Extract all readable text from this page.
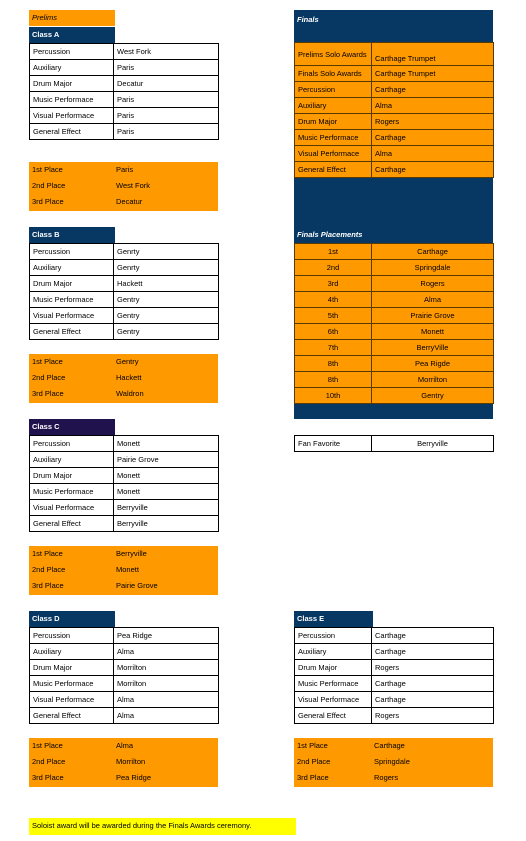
Prelims
Class A
Percussion	West Fork
Auxiliary	Paris
Drum Major	Decatur
Music Performace	Paris
Visual Performace	Paris
General Effect	Paris
1st Place	Paris
2nd Place	West Fork
3rd Place	Decatur
Class B
Percussion	Genrty
Auxiliary	Genrty
Drum Major	Hackett
Music Performace	Gentry
Visual Performace	Gentry
General Effect	Gentry
1st Place	Gentry
2nd Place	Hackett
3rd Place	Waldron
Class C
Percussion	Monett
Auxiliary	Pairie Grove
Drum Major	Monett
Music Performace	Monett
Visual Performace	Berryville
General Effect	Berryville
1st Place	Berryville
2nd Place	Monett
3rd Place	Pairie Grove
Class D
Percussion	Pea Ridge
Auxiliary	Alma
Drum Major	Morrilton
Music Performace	Morrilton
Visual Performace	Alma
General Effect	Alma
1st Place	Alma
2nd Place	Morrilton
3rd Place	Pea Ridge
Finals
Prelims Solo Awards	Carthage Trumpet
Finals Solo Awards	Carthage Trumpet
Percussion	Carthage
Auxiliary	Alma
Drum Major	Rogers
Music Performace	Carthage
Visual Performace	Alma
General Effect	Carthage
Finals Placements
1st	Carthage
2nd	Springdale
3rd	Rogers
4th	Alma
5th	Prairie Grove
6th	Monett
7th	BerryVille
8th	Pea Rigde
8th	Morrilton
10th	Gentry
Fan Favorite	Berryville
Class E
Percussion	Carthage
Auxiliary	Carthage
Drum Major	Rogers
Music Performace	Carthage
Visual Performace	Carthage
General Effect	Rogers
1st Place	Carthage
2nd Place	Springdale
3rd Place	Rogers
Soloist award will be awarded during the Finals Awards ceremony.
